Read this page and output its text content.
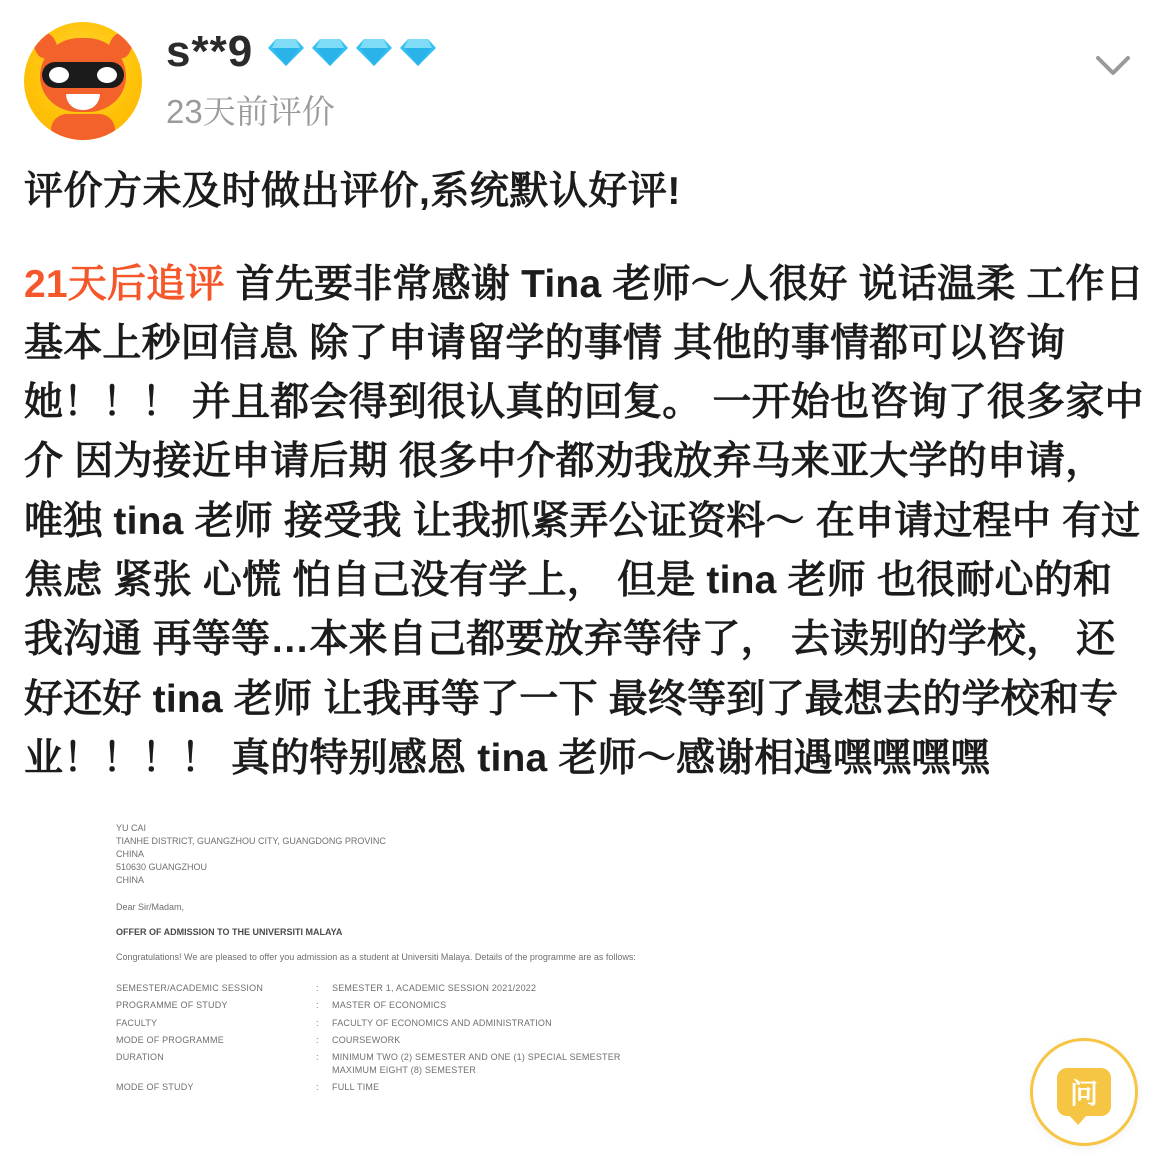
s**9
23天前评价
评价方未及时做出评价,系统默认好评!
21天后追评 首先要非常感谢 Tina 老师～人很好 说话温柔 工作日基本上秒回信息 除了申请留学的事情 其他的事情都可以咨询她！！！ 并且都会得到很认真的回复。 一开始也咨询了很多家中介 因为接近申请后期 很多中介都劝我放弃马来亚大学的申请， 唯独 tina 老师 接受我 让我抓紧弄公证资料～ 在申请过程中 有过焦虑 紧张 心慌 怕自己没有学上， 但是 tina 老师 也很耐心的和我沟通 再等等…本来自己都要放弃等待了， 去读别的学校， 还好还好 tina 老师 让我再等了一下 最终等到了最想去的学校和专业！！！！ 真的特别感恩 tina 老师～感谢相遇嘿嘿嘿嘿
YU CAI
TIANHE DISTRICT, GUANGZHOU CITY, GUANGDONG PROVINC
CHINA
510630 GUANGZHOU
CHINA
Dear Sir/Madam,
OFFER OF ADMISSION TO THE UNIVERSITI MALAYA
Congratulations! We are pleased to offer you admission as a student at Universiti Malaya. Details of the programme are as follows:
SEMESTER/ACADEMIC SESSION	:	SEMESTER 1, ACADEMIC SESSION 2021/2022
PROGRAMME OF STUDY	:	MASTER OF ECONOMICS
FACULTY	:	FACULTY OF ECONOMICS AND ADMINISTRATION
MODE OF PROGRAMME	:	COURSEWORK
DURATION	:	MINIMUM TWO (2) SEMESTER AND ONE (1) SPECIAL SEMESTER
MAXIMUM EIGHT (8) SEMESTER

MODE OF STUDY	:	FULL TIME	问
